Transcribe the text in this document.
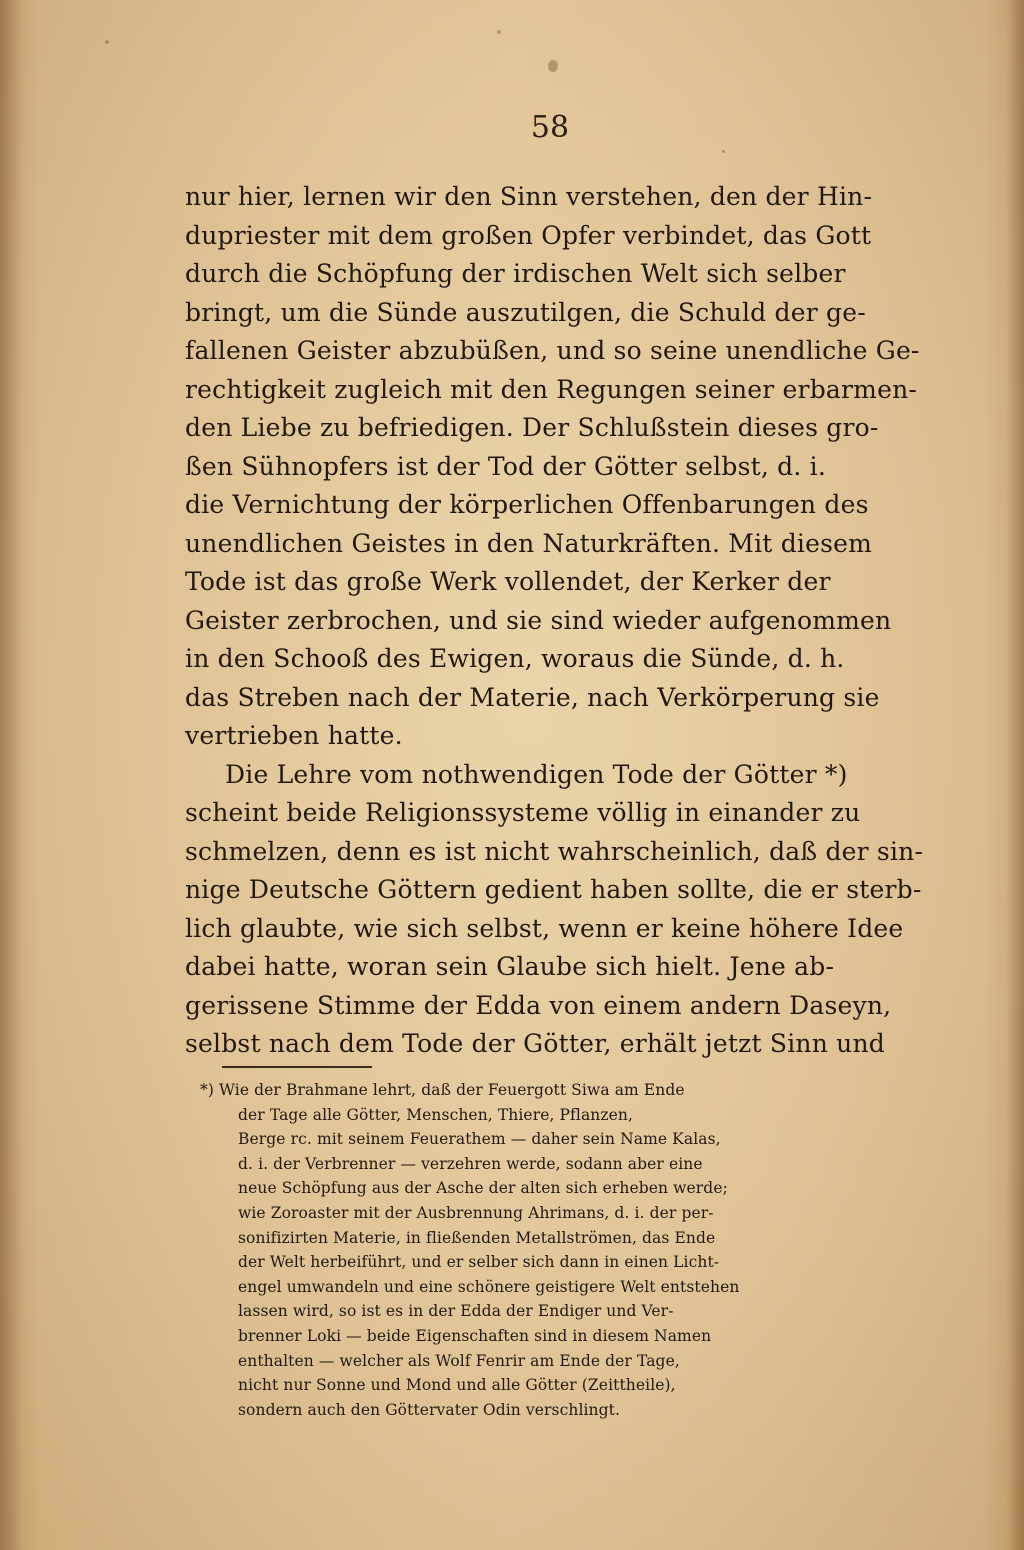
58
nur hier, lernen wir den Sinn verstehen, den der Hin-
dupriester mit dem großen Opfer verbindet, das Gott
durch die Schöpfung der irdischen Welt sich selber
bringt, um die Sünde auszutilgen, die Schuld der ge-
fallenen Geister abzubüßen, und so seine unendliche Ge-
rechtigkeit zugleich mit den Regungen seiner erbarmen-
den Liebe zu befriedigen. Der Schlußstein dieses gro-
ßen Sühnopfers ist der Tod der Götter selbst, d. i.
die Vernichtung der körperlichen Offenbarungen des
unendlichen Geistes in den Naturkräften. Mit diesem
Tode ist das große Werk vollendet, der Kerker der
Geister zerbrochen, und sie sind wieder aufgenommen
in den Schooß des Ewigen, woraus die Sünde, d. h.
das Streben nach der Materie, nach Verkörperung sie
vertrieben hatte.
Die Lehre vom nothwendigen Tode der Götter *)
scheint beide Religionssysteme völlig in einander zu
schmelzen, denn es ist nicht wahrscheinlich, daß der sin-
nige Deutsche Göttern gedient haben sollte, die er sterb-
lich glaubte, wie sich selbst, wenn er keine höhere Idee
dabei hatte, woran sein Glaube sich hielt. Jene ab-
gerissene Stimme der Edda von einem andern Daseyn,
selbst nach dem Tode der Götter, erhält jetzt Sinn und
*) Wie der Brahmane lehrt, daß der Feuergott Siwa am Ende
der Tage alle Götter, Menschen, Thiere, Pflanzen,
Berge rc. mit seinem Feuerathem — daher sein Name Kalas,
d. i. der Verbrenner — verzehren werde, sodann aber eine
neue Schöpfung aus der Asche der alten sich erheben werde;
wie Zoroaster mit der Ausbrennung Ahrimans, d. i. der per-
sonifizirten Materie, in fließenden Metallströmen, das Ende
der Welt herbeiführt, und er selber sich dann in einen Licht-
engel umwandeln und eine schönere geistigere Welt entstehen
lassen wird, so ist es in der Edda der Endiger und Ver-
brenner Loki — beide Eigenschaften sind in diesem Namen
enthalten — welcher als Wolf Fenrir am Ende der Tage,
nicht nur Sonne und Mond und alle Götter (Zeittheile),
sondern auch den Göttervater Odin verschlingt.
